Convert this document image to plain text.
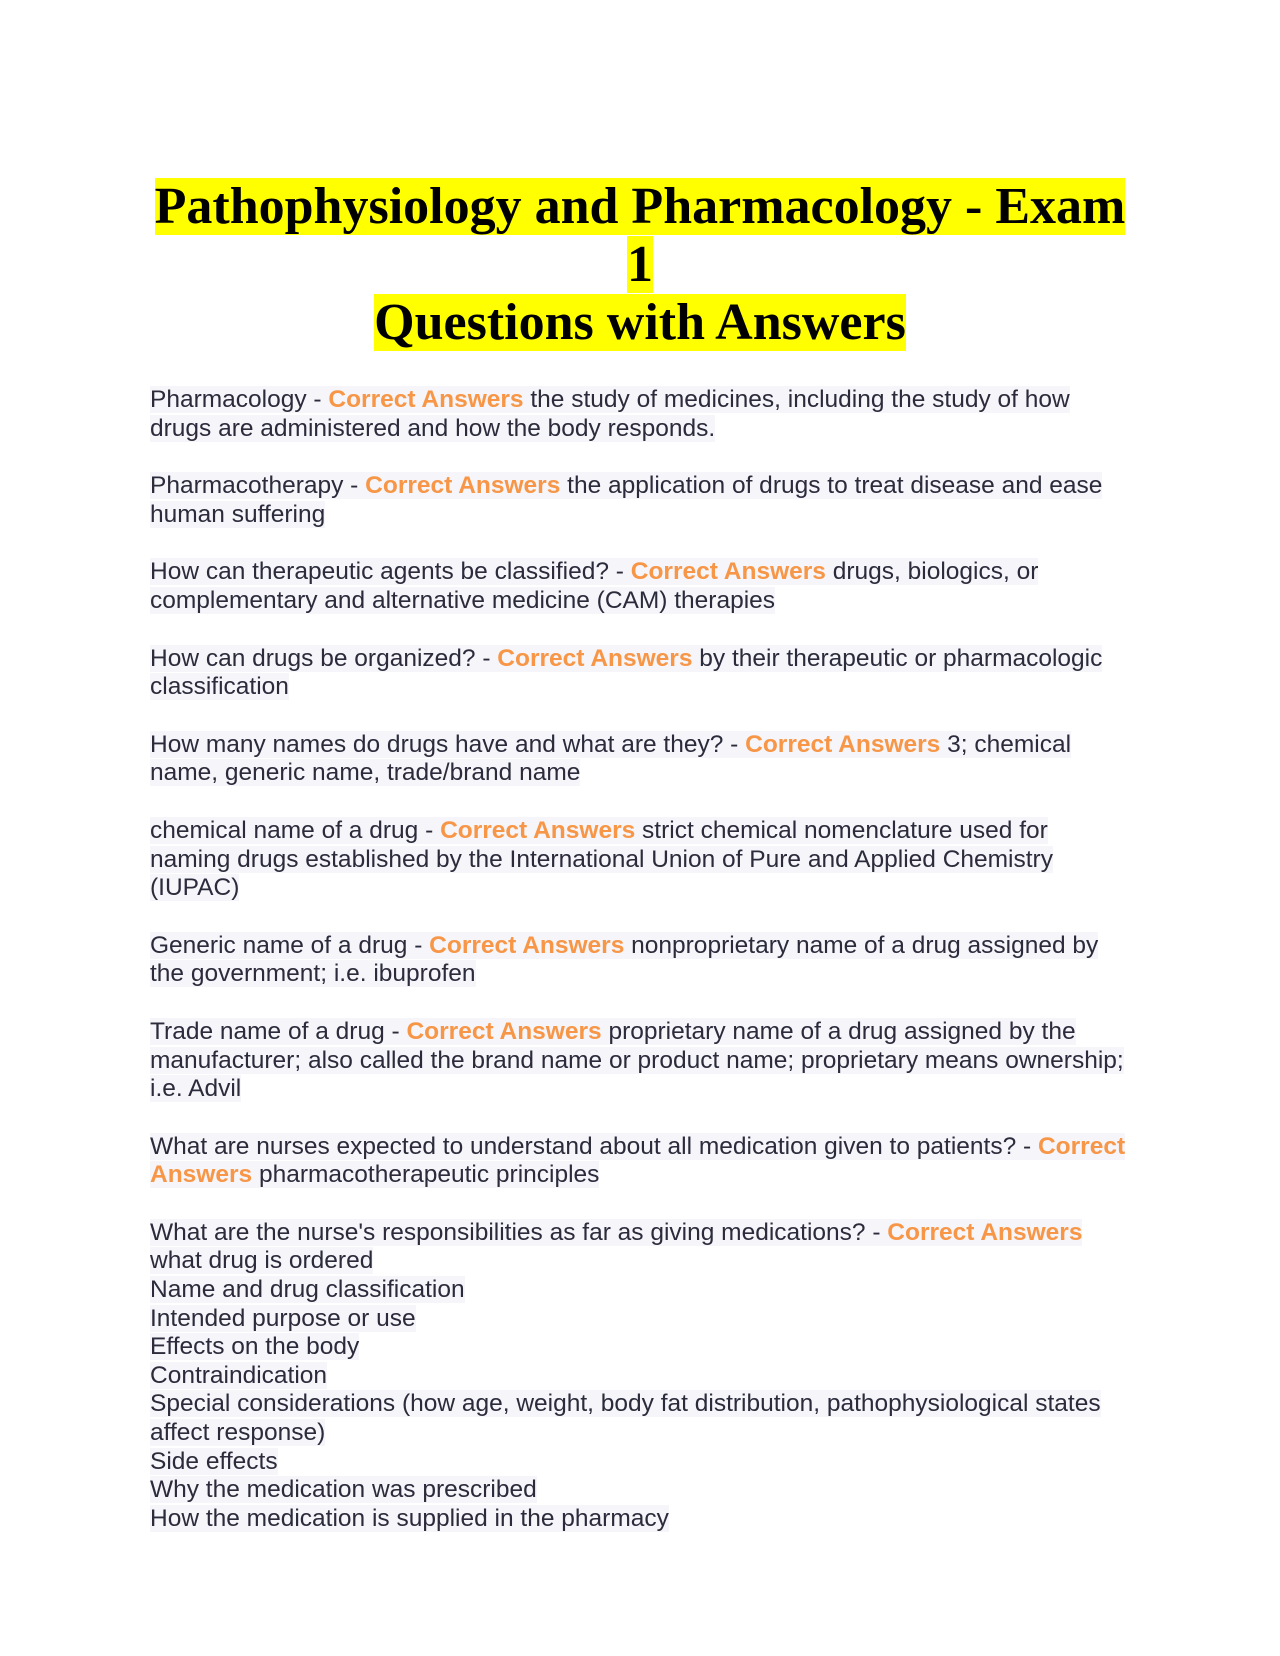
Pathophysiology and Pharmacology - Exam 1
Questions with Answers

Pharmacology - Correct Answers the study of medicines, including the study of how drugs are administered and how the body responds.

Pharmacotherapy - Correct Answers the application of drugs to treat disease and ease human suffering

How can therapeutic agents be classified? - Correct Answers drugs, biologics, or complementary and alternative medicine (CAM) therapies

How can drugs be organized? - Correct Answers by their therapeutic or pharmacologic classification

How many names do drugs have and what are they? - Correct Answers 3; chemical name, generic name, trade/brand name

chemical name of a drug - Correct Answers strict chemical nomenclature used for naming drugs established by the International Union of Pure and Applied Chemistry (IUPAC)

Generic name of a drug - Correct Answers nonproprietary name of a drug assigned by the government; i.e. ibuprofen

Trade name of a drug - Correct Answers proprietary name of a drug assigned by the manufacturer; also called the brand name or product name; proprietary means ownership; i.e. Advil

What are nurses expected to understand about all medication given to patients? - Correct Answers pharmacotherapeutic principles

What are the nurse's responsibilities as far as giving medications? - Correct Answers
what drug is ordered
Name and drug classification
Intended purpose or use
Effects on the body
Contraindication
Special considerations (how age, weight, body fat distribution, pathophysiological states affect response)
Side effects
Why the medication was prescribed
How the medication is supplied in the pharmacy
